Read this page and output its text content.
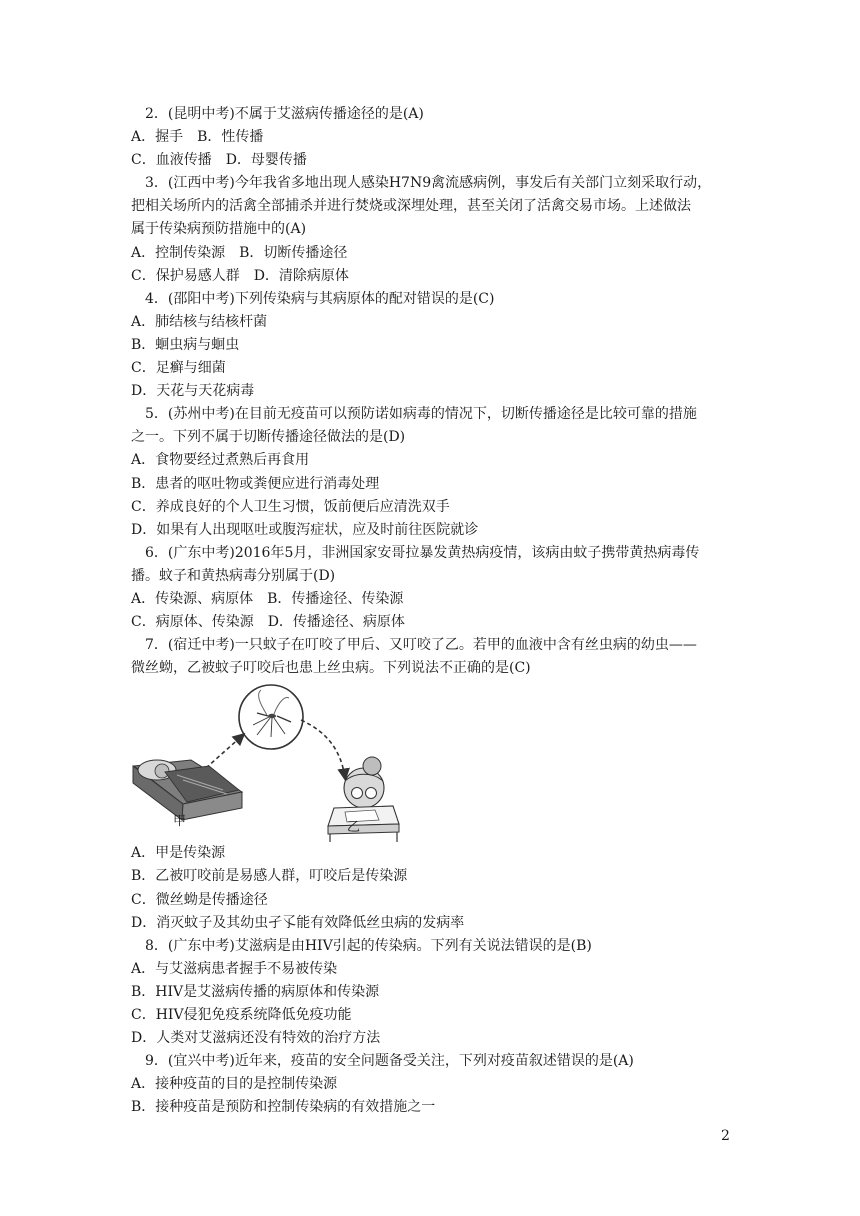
2．(昆明中考)不属于艾滋病传播途径的是(A)
A．握手　B．性传播
C．血液传播　D．母婴传播
3．(江西中考)今年我省多地出现人感染H7N9禽流感病例，事发后有关部门立刻采取行动，
把相关场所内的活禽全部捕杀并进行焚烧或深埋处理，甚至关闭了活禽交易市场。上述做法
属于传染病预防措施中的(A)
A．控制传染源　B．切断传播途径
C．保护易感人群　D．清除病原体
4．(邵阳中考)下列传染病与其病原体的配对错误的是(C)
A．肺结核与结核杆菌
B．蛔虫病与蛔虫
C．足癣与细菌
D．天花与天花病毒
5．(苏州中考)在目前无疫苗可以预防诺如病毒的情况下，切断传播途径是比较可靠的措施
之一。下列不属于切断传播途径做法的是(D)
A．食物要经过煮熟后再食用
B．患者的呕吐物或粪便应进行消毒处理
C．养成良好的个人卫生习惯，饭前便后应清洗双手
D．如果有人出现呕吐或腹泻症状，应及时前往医院就诊
6．(广东中考)2016年5月，非洲国家安哥拉暴发黄热病疫情，该病由蚊子携带黄热病毒传
播。蚊子和黄热病毒分别属于(D)
A．传染源、病原体　B．传播途径、传染源
C．病原体、传染源　D．传播途径、病原体
7．(宿迁中考)一只蚊子在叮咬了甲后、又叮咬了乙。若甲的血液中含有丝虫病的幼虫——
微丝蚴，乙被蚊子叮咬后也患上丝虫病。下列说法不正确的是(C)
甲	乙
A．甲是传染源
B．乙被叮咬前是易感人群，叮咬后是传染源
C．微丝蚴是传播途径
D．消灭蚊子及其幼虫孑孓能有效降低丝虫病的发病率
8．(广东中考)艾滋病是由HIV引起的传染病。下列有关说法错误的是(B)
A．与艾滋病患者握手不易被传染
B．HIV是艾滋病传播的病原体和传染源
C．HIV侵犯免疫系统降低免疫功能
D．人类对艾滋病还没有特效的治疗方法
9．(宜兴中考)近年来，疫苗的安全问题备受关注，下列对疫苗叙述错误的是(A)
A．接种疫苗的目的是控制传染源
B．接种疫苗是预防和控制传染病的有效措施之一
2
